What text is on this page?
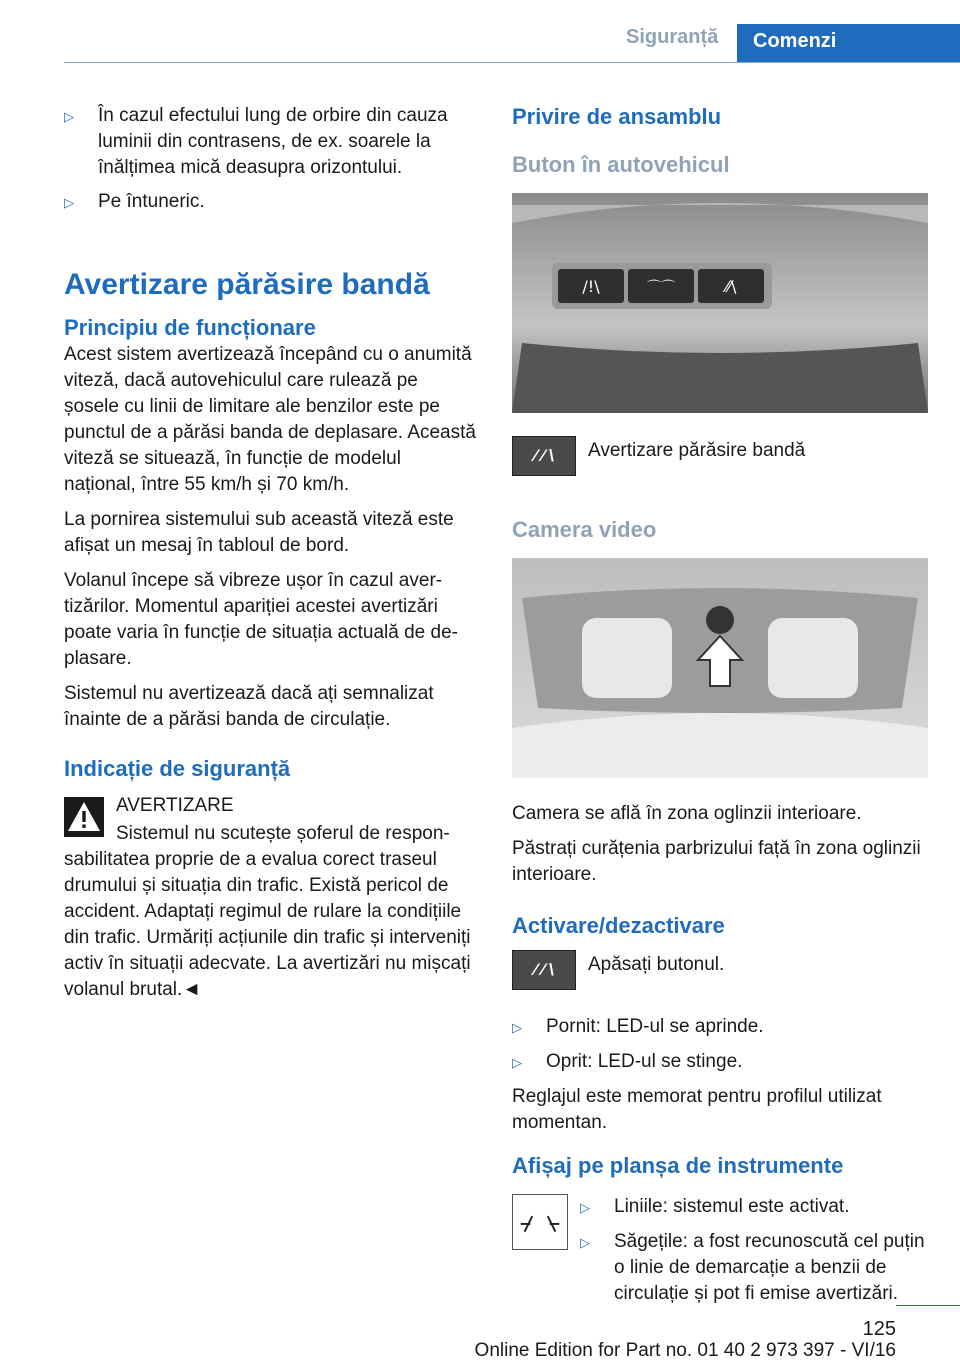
Siguranță	Comenzi
▷	În cazul efectului lung de orbire din cauza luminii din contrasens, de ex. soarele la înălțimea mică deasupra orizontului.
▷	Pe întuneric.
Avertizare părăsire bandă
Principiu de funcționare

Acest sistem avertizează începând cu o anumită viteză, dacă autovehiculul care rulează pe șosele cu linii de limitare ale benzilor este pe punctul de a părăsi banda de deplasare. Această viteză se situează, în funcție de modelul național, între 55 km/h și 70 km/h.

La pornirea sistemului sub această viteză este afișat un mesaj în tabloul de bord.

Volanul începe să vibreze ușor în cazul avertizărilor. Momentul apariției acestei avertizări poate varia în funcție de situația actuală de deplasare.

Sistemul nu avertizează dacă ați semnalizat înainte de a părăsi banda de circulație.

Indicație de siguranță

AVERTIZARE

Sistemul nu scutește șoferul de responsabilitatea proprie de a evalua corect traseul drumului și situația din trafic. Există pericol de accident. Adaptați regimul de rulare la condițiile din trafic. Urmăriți acțiunile din trafic și interveniți activ în situații adecvate. La avertizări nu mișcați volanul brutal.◄

Privire de ansamblu
Buton în autovehicul
/!\	⌒⌒	⁄⁄\
⁄ ⁄ \	Avertizare părăsire bandă
Camera video

Camera se află în zona oglinzii interioare.

Păstrați curățenia parbrizului față în zona oglinzii interioare.

Activare/dezactivare
⁄ ⁄ \	Apăsați butonul.
▷	Pornit: LED-ul se aprinde.
▷	Oprit: LED-ul se stinge.

Reglajul este memorat pentru profilul utilizat momentan.

Afișaj pe planșa de instrumente
▷	Liniile: sistemul este activat.
▷	Săgețile: a fost recunoscută cel puțin o linie de demarcație a benzii de circulație și pot fi emise avertizări.
125
Online Edition for Part no. 01 40 2 973 397 - VI/16
